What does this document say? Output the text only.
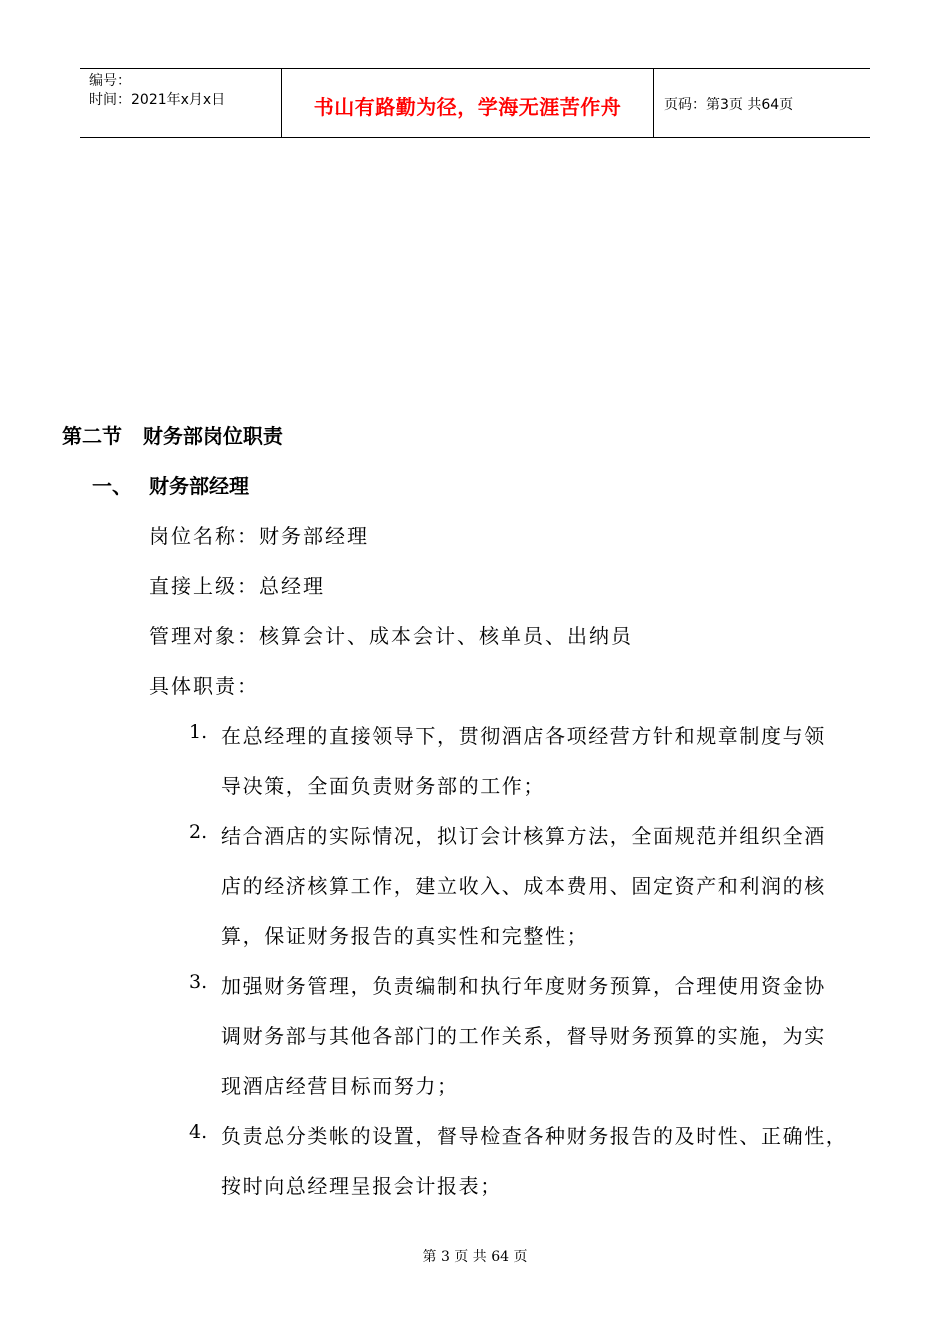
编号：
时间：2021年x月x日	书山有路勤为径，学海无涯苦作舟	页码：第3页 共64页
第二节   财务部岗位职责
一、 财务部经理
岗位名称：财务部经理
直接上级：总经理
管理对象：核算会计、成本会计、核单员、出纳员
具体职责：
1. 在总经理的直接领导下，贯彻酒店各项经营方针和规章制度与领
导决策，全面负责财务部的工作；
2. 结合酒店的实际情况，拟订会计核算方法，全面规范并组织全酒
店的经济核算工作，建立收入、成本费用、固定资产和利润的核
算，保证财务报告的真实性和完整性；
3. 加强财务管理，负责编制和执行年度财务预算，合理使用资金协
调财务部与其他各部门的工作关系，督导财务预算的实施，为实
现酒店经营目标而努力；
4. 负责总分类帐的设置，督导检查各种财务报告的及时性、正确性，
按时向总经理呈报会计报表；
第 3 页 共 64 页
